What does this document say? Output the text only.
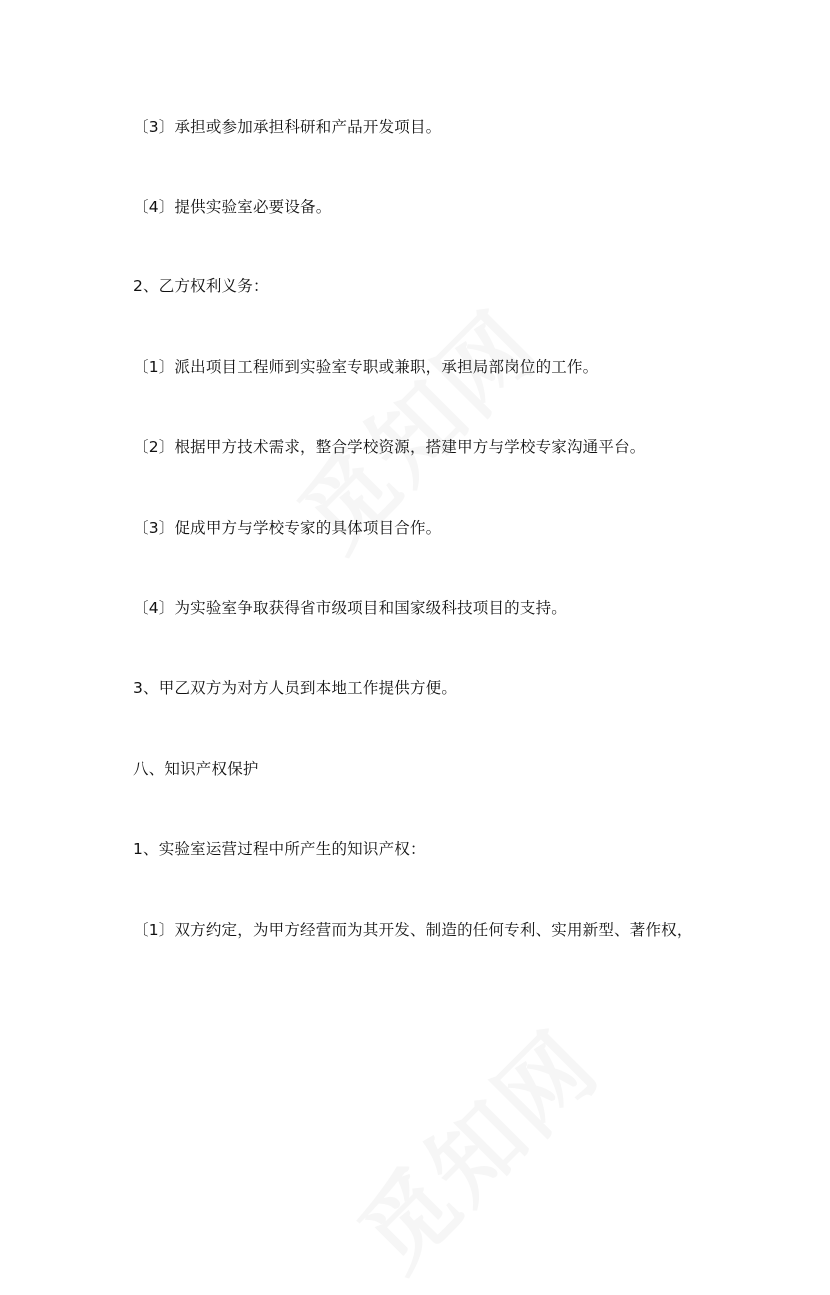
〔3〕承担或参加承担科研和产品开发项目。
〔4〕提供实验室必要设备。
2、乙方权利义务：
〔1〕派出项目工程师到实验室专职或兼职，承担局部岗位的工作。
〔2〕根据甲方技术需求，整合学校资源，搭建甲方与学校专家沟通平台。
〔3〕促成甲方与学校专家的具体项目合作。
〔4〕为实验室争取获得省市级项目和国家级科技项目的支持。
3、甲乙双方为对方人员到本地工作提供方便。
八、知识产权保护
1、实验室运营过程中所产生的知识产权：
〔1〕双方约定，为甲方经营而为其开发、制造的任何专利、实用新型、著作权，
